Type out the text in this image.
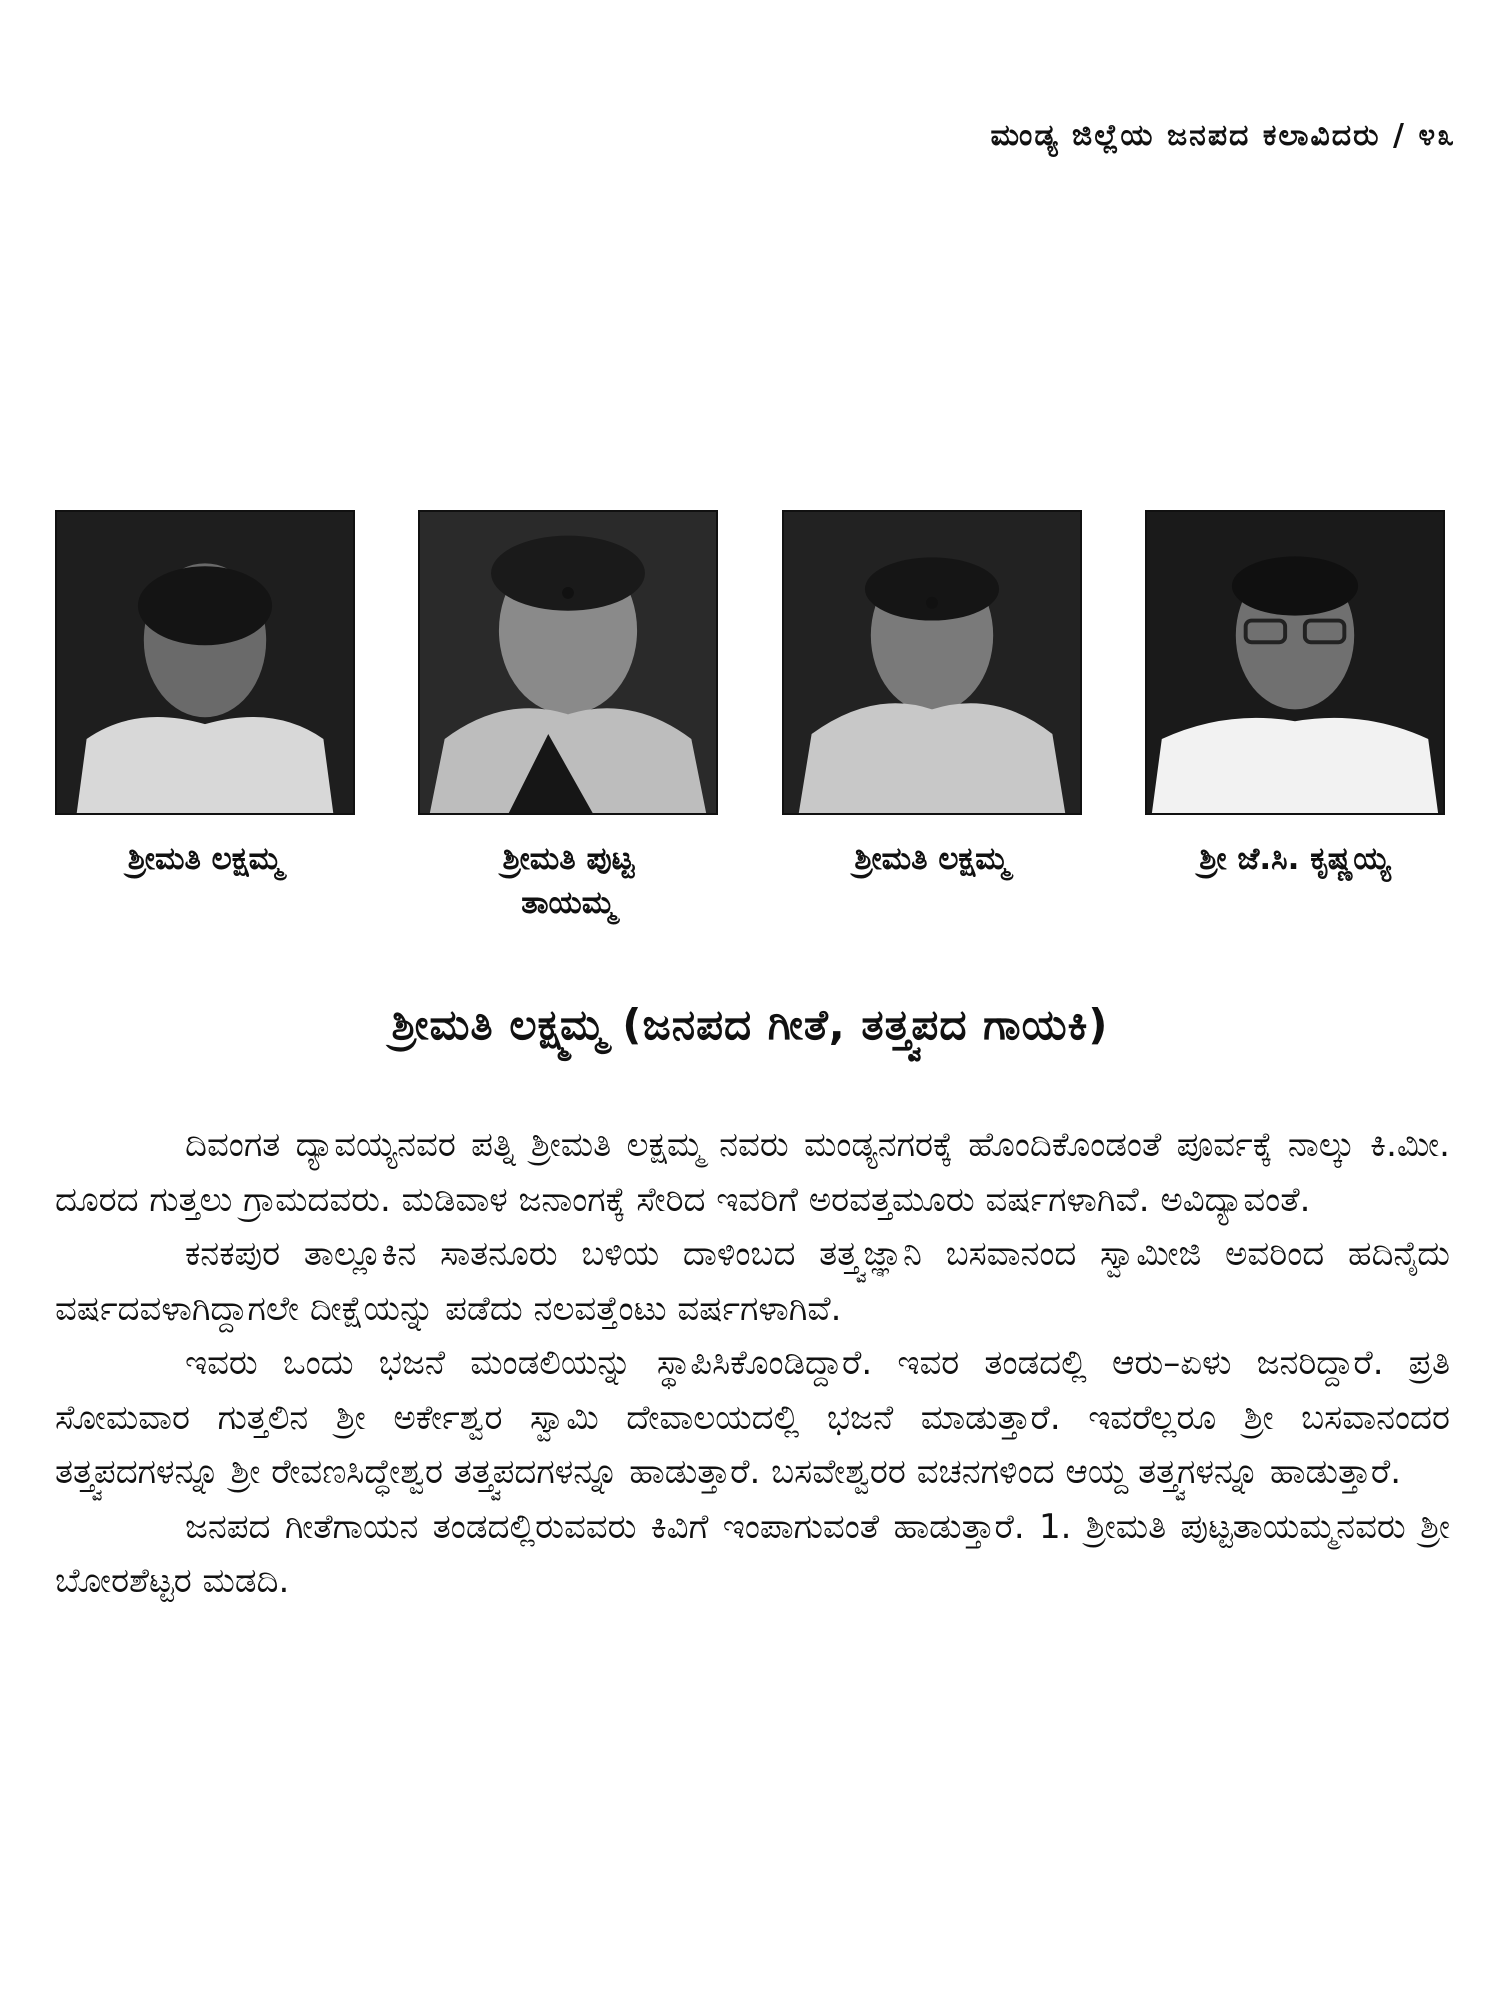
ಮಂಡ್ಯ ಜಿಲ್ಲೆಯ ಜನಪದ ಕಲಾವಿದರು / ೪೩
ಶ್ರೀಮತಿ ಲಕ್ಷಮ್ಮ	ಶ್ರೀಮತಿ ಪುಟ್ಟ
ತಾಯಮ್ಮ
ಶ್ರೀಮತಿ ಲಕ್ಷಮ್ಮ	ಶ್ರೀ ಜೆ.ಸಿ. ಕೃಷ್ಣಯ್ಯ
ಶ್ರೀಮತಿ ಲಕ್ಷ್ಮಮ್ಮ (ಜನಪದ ಗೀತೆ, ತತ್ತ್ವಪದ ಗಾಯಕಿ)

ದಿವಂಗತ ದ್ಯಾವಯ್ಯನವರ ಪತ್ನಿ ಶ್ರೀಮತಿ ಲಕ್ಷಮ್ಮ ನವರು ಮಂಡ್ಯನಗರಕ್ಕೆ ಹೊಂದಿಕೊಂಡಂತೆ ಪೂರ್ವಕ್ಕೆ ನಾಲ್ಕು ಕಿ.ಮೀ. ದೂರದ ಗುತ್ತಲು ಗ್ರಾಮದವರು. ಮಡಿವಾಳ ಜನಾಂಗಕ್ಕೆ ಸೇರಿದ ಇವರಿಗೆ ಅರವತ್ತಮೂರು ವರ್ಷಗಳಾಗಿವೆ. ಅವಿದ್ಯಾವಂತೆ.

ಕನಕಪುರ ತಾಲ್ಲೂಕಿನ ಸಾತನೂರು ಬಳಿಯ ದಾಳಿಂಬದ ತತ್ತ್ವಜ್ಞಾನಿ ಬಸವಾನಂದ ಸ್ವಾಮೀಜಿ ಅವರಿಂದ ಹದಿನೈದು ವರ್ಷದವಳಾಗಿದ್ದಾಗಲೇ ದೀಕ್ಷೆಯನ್ನು ಪಡೆದು ನಲವತ್ತೆಂಟು ವರ್ಷಗಳಾಗಿವೆ.

ಇವರು ಒಂದು ಭಜನೆ ಮಂಡಲಿಯನ್ನು ಸ್ಥಾಪಿಸಿಕೊಂಡಿದ್ದಾರೆ. ಇವರ ತಂಡದಲ್ಲಿ ಆರು–ಏಳು ಜನರಿದ್ದಾರೆ. ಪ್ರತಿ ಸೋಮವಾರ ಗುತ್ತಲಿನ ಶ್ರೀ ಅರ್ಕೇಶ್ವರ ಸ್ವಾಮಿ ದೇವಾಲಯದಲ್ಲಿ ಭಜನೆ ಮಾಡುತ್ತಾರೆ. ಇವರೆಲ್ಲರೂ ಶ್ರೀ ಬಸವಾನಂದರ ತತ್ತ್ವಪದಗಳನ್ನೂ ಶ್ರೀ ರೇವಣಸಿದ್ಧೇಶ್ವರ ತತ್ತ್ವಪದಗಳನ್ನೂ ಹಾಡುತ್ತಾರೆ. ಬಸವೇಶ್ವರರ ವಚನಗಳಿಂದ ಆಯ್ದ ತತ್ತ್ವಗಳನ್ನೂ ಹಾಡುತ್ತಾರೆ.

ಜನಪದ ಗೀತೆಗಾಯನ ತಂಡದಲ್ಲಿರುವವರು ಕಿವಿಗೆ ಇಂಪಾಗುವಂತೆ ಹಾಡುತ್ತಾರೆ. 1. ಶ್ರೀಮತಿ ಪುಟ್ಟತಾಯಮ್ಮನವರು ಶ್ರೀ ಬೋರಶೆಟ್ಟರ ಮಡದಿ.
